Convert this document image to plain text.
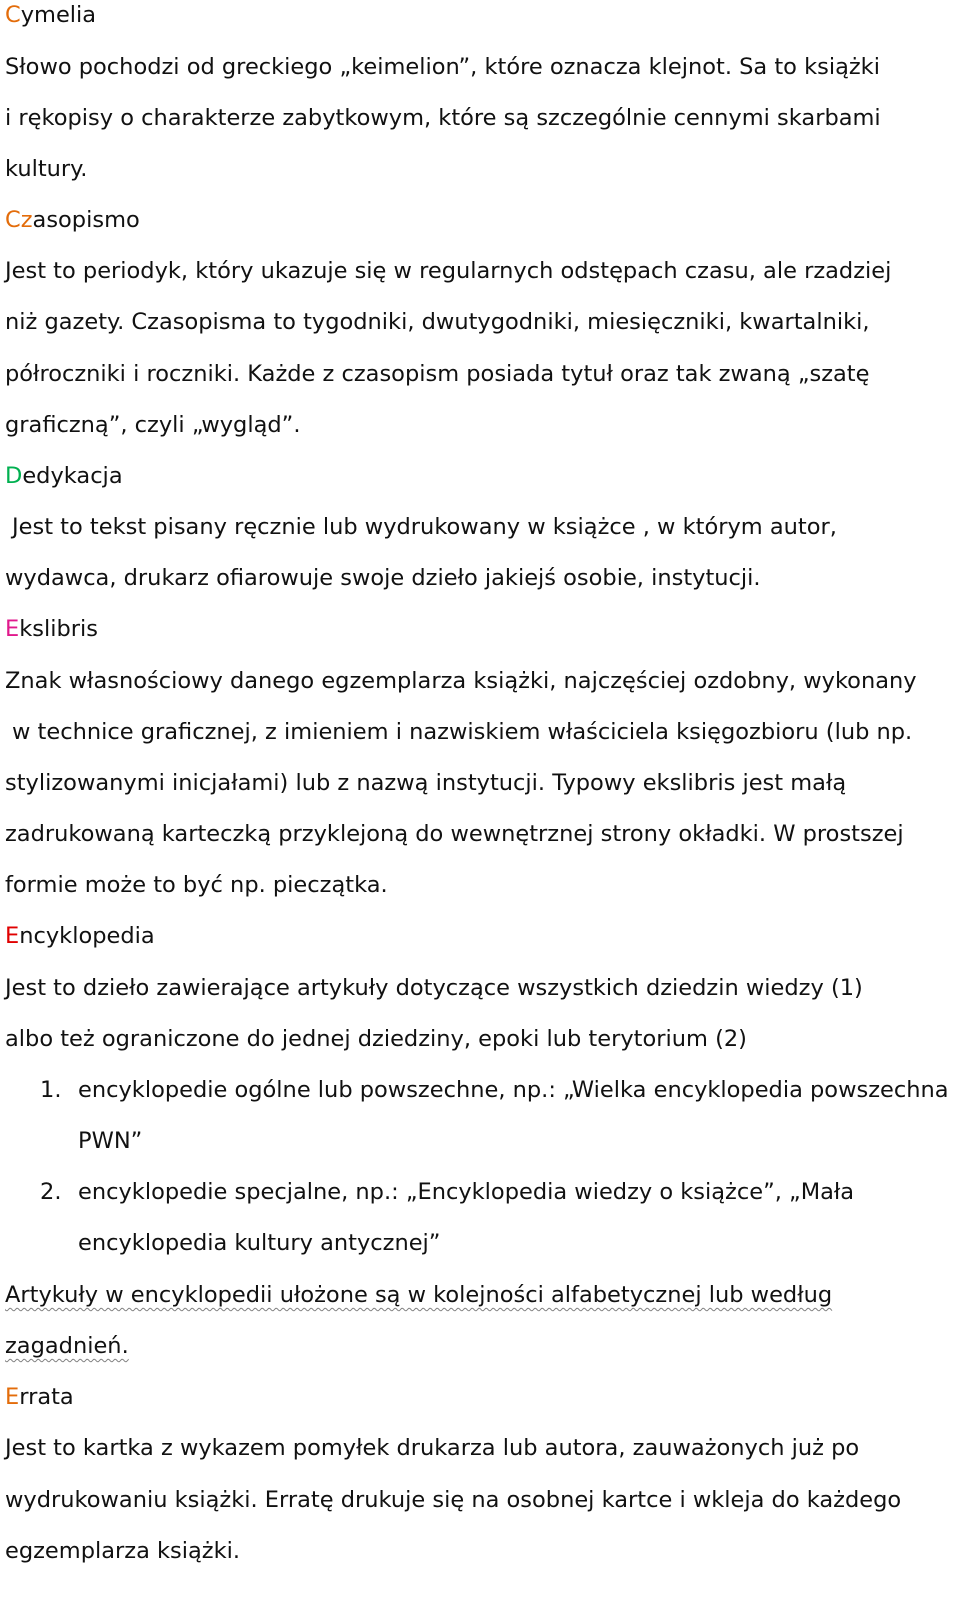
Cymelia
Słowo pochodzi od greckiego „keimelion”, które oznacza klejnot. Sa to książki
i rękopisy o charakterze zabytkowym, które są szczególnie cennymi skarbami
kultury.
Czasopismo
Jest to periodyk, który ukazuje się w regularnych odstępach czasu, ale rzadziej
niż gazety. Czasopisma to tygodniki, dwutygodniki, miesięczniki, kwartalniki,
półroczniki i roczniki. Każde z czasopism posiada tytuł oraz tak zwaną „szatę
graficzną”, czyli „wygląd”.
Dedykacja
Jest to tekst pisany ręcznie lub wydrukowany w książce , w którym autor,
wydawca, drukarz ofiarowuje swoje dzieło jakiejś osobie, instytucji.
Ekslibris
Znak własnościowy danego egzemplarza książki, najczęściej ozdobny, wykonany
w technice graficznej, z imieniem i nazwiskiem właściciela księgozbioru (lub np.
stylizowanymi inicjałami) lub z nazwą instytucji. Typowy ekslibris jest małą
zadrukowaną karteczką przyklejoną do wewnętrznej strony okładki. W prostszej
formie może to być np. pieczątka.
Encyklopedia
Jest to dzieło zawierające artykuły dotyczące wszystkich dziedzin wiedzy (1)
albo też ograniczone do jednej dziedziny, epoki lub terytorium (2)
1. encyklopedie ogólne lub powszechne, np.: „Wielka encyklopedia powszechna
PWN”
2. encyklopedie specjalne, np.: „Encyklopedia wiedzy o książce”, „Mała
encyklopedia kultury antycznej”
Artykuły w encyklopedii ułożone są w kolejności alfabetycznej lub według
zagadnień.
Errata
Jest to kartka z wykazem pomyłek drukarza lub autora, zauważonych już po
wydrukowaniu książki. Erratę drukuje się na osobnej kartce i wkleja do każdego
egzemplarza książki.
